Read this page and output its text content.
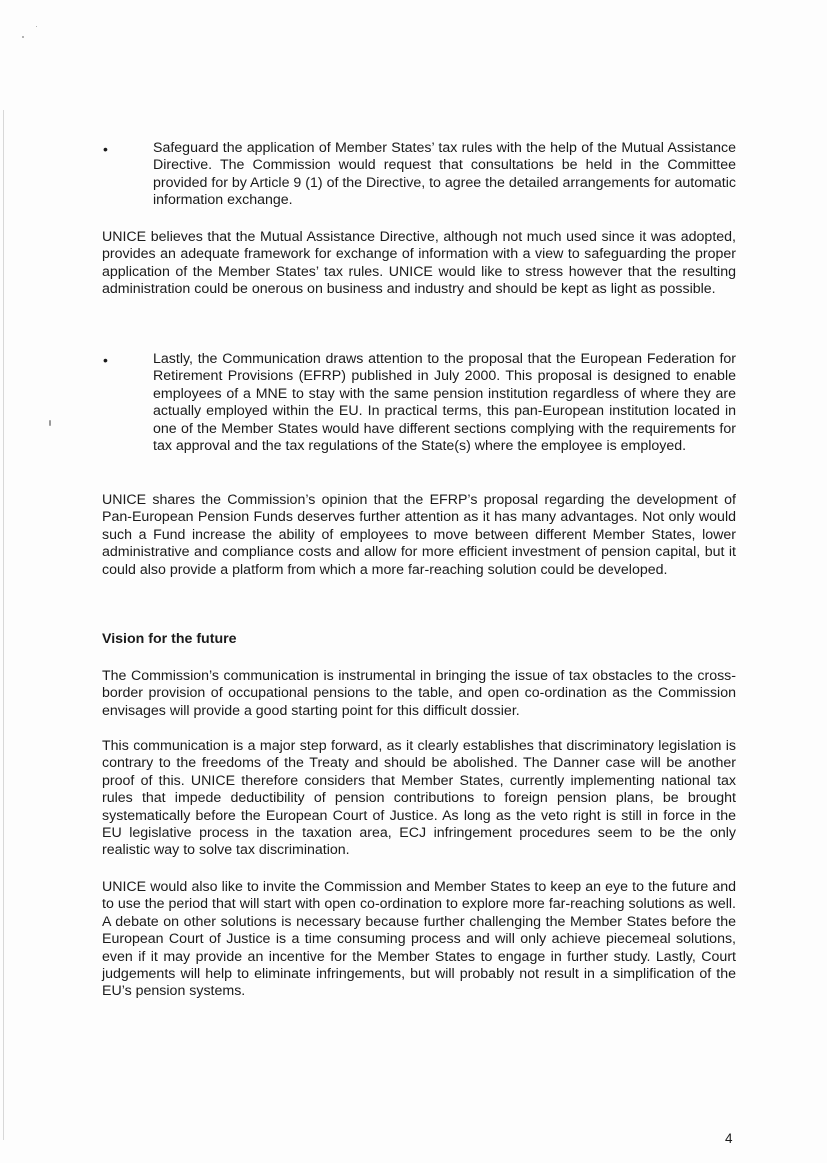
•	Safeguard the application of Member States’ tax rules with the help of the Mutual Assistance Directive. The Commission would request that consultations be held in the Committee provided for by Article 9 (1) of the Directive, to agree the detailed arrangements for automatic information exchange.

UNICE believes that the Mutual Assistance Directive, although not much used since it was adopted, provides an adequate framework for exchange of information with a view to safeguarding the proper application of the Member States’ tax rules. UNICE would like to stress however that the resulting administration could be onerous on business and industry and should be kept as light as possible.

•	Lastly, the Communication draws attention to the proposal that the European Federation for Retirement Provisions (EFRP) published in July 2000. This proposal is designed to enable employees of a MNE to stay with the same pension institution regardless of where they are actually employed within the EU. In practical terms, this pan-European institution located in one of the Member States would have different sections complying with the requirements for tax approval and the tax regulations of the State(s) where the employee is employed.

UNICE shares the Commission’s opinion that the EFRP’s proposal regarding the development of Pan-European Pension Funds deserves further attention as it has many advantages. Not only would such a Fund increase the ability of employees to move between different Member States, lower administrative and compliance costs and allow for more efficient investment of pension capital, but it could also provide a platform from which a more far-reaching solution could be developed.

Vision for the future

The Commission’s communication is instrumental in bringing the issue of tax obstacles to the cross-border provision of occupational pensions to the table, and open co-ordination as the Commission envisages will provide a good starting point for this difficult dossier.

This communication is a major step forward, as it clearly establishes that discriminatory legislation is contrary to the freedoms of the Treaty and should be abolished. The Danner case will be another proof of this. UNICE therefore considers that Member States, currently implementing national tax rules that impede deductibility of pension contributions to foreign pension plans, be brought systematically before the European Court of Justice. As long as the veto right is still in force in the EU legislative process in the taxation area, ECJ infringement procedures seem to be the only realistic way to solve tax discrimination.

UNICE would also like to invite the Commission and Member States to keep an eye to the future and to use the period that will start with open co-ordination to explore more far-reaching solutions as well. A debate on other solutions is necessary because further challenging the Member States before the European Court of Justice is a time consuming process and will only achieve piecemeal solutions, even if it may provide an incentive for the Member States to engage in further study. Lastly, Court judgements will help to eliminate infringements, but will probably not result in a simplification of the EU’s pension systems.

4
